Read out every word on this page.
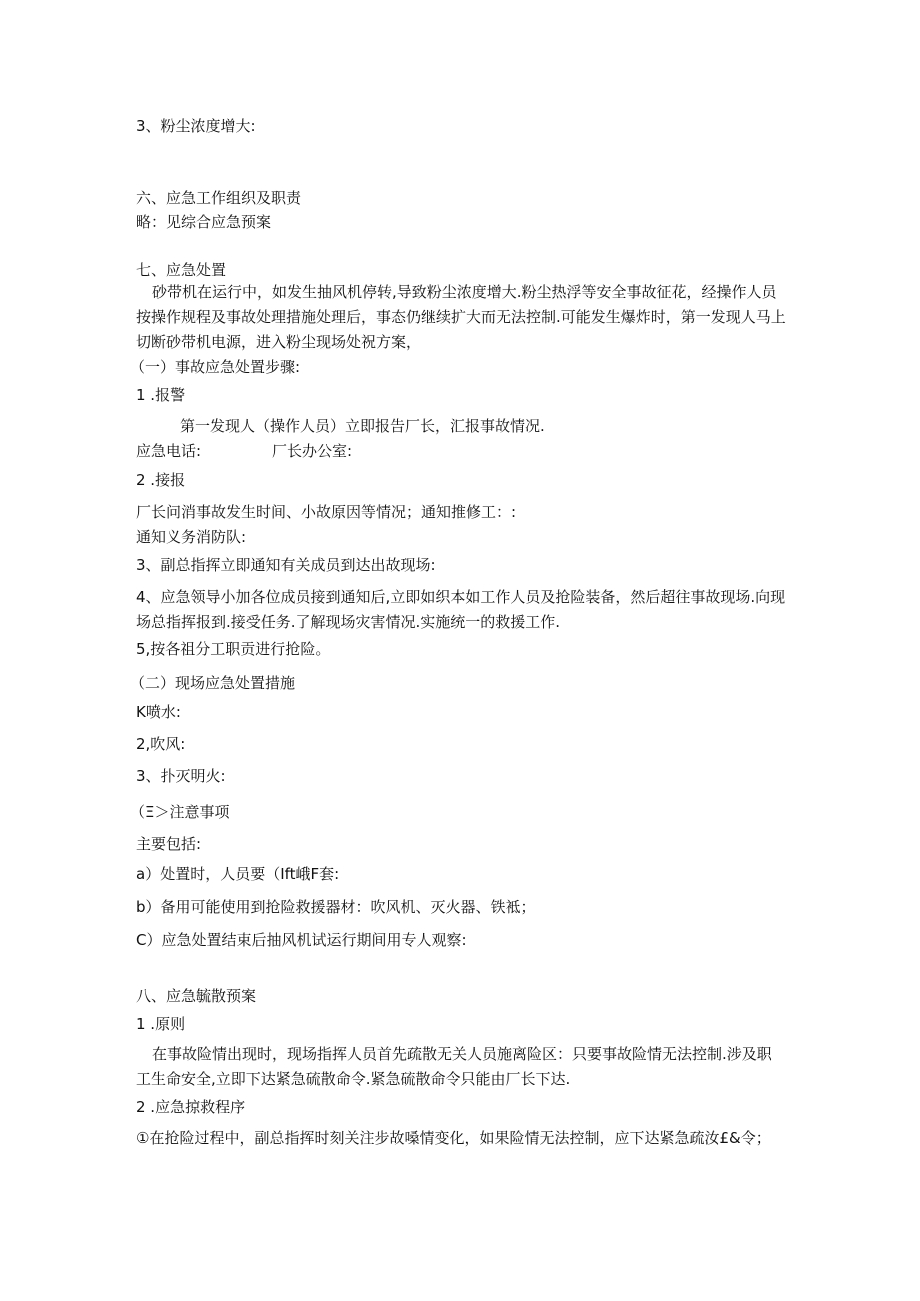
3、粉尘浓度增大:
六、应急工作组织及职责
略：见综合应急预案
七、应急处置
砂带机在运行中，如发生抽风机停转,导致粉尘浓度增大.粉尘热浮等安全事故征花，经操作人员按操作规程及事故处理措施处理后，事态仍继续扩大而无法控制.可能发生爆炸时，第一发现人马上切断砂带机电源，进入粉尘现场处祝方案，
（一）事故应急处置步骤:
1 .报警
第一发现人（操作人员）立即报告厂长，汇报事故情况.
应急电话:	厂长办公室:
2 .接报
厂长问消事故发生时间、小故原因等情况；通知推修工：:
通知义务消防队:
3、副总指挥立即通知有关成员到达出故现场:
4、应急领导小加各位成员接到通知后,立即如织本如工作人员及抢险装备，然后超往事故现场.向现场总指挥报到.接受任务.了解现场灾害情况.实施统一的救援工作.
5,按各祖分工职贡进行抢险。
（二）现场应急处置措施
K喷水:
2,吹风:
3、扑灭明火:
（Ξ＞注意事项
主要包括:
a）处置时，人员要（Ift峨F套:
b）备用可能使用到抢险救援器材：吹风机、灭火器、铁袛；
C）应急处置结束后抽风机试运行期间用专人观察:
八、应急毓散预案
1 .原则
在事故险情出现时，现场指挥人员首先疏散无关人员施离险区：只要事故险情无法控制.涉及职工生命安全,立即下达紧急硫散命令.紧急硫散命令只能由厂长下达.
2 .应急掠救程序
①在抢险过程中，副总指挥时刻关注步故嗓情变化，如果险情无法控制，应下达紧急疏汝£&令；
